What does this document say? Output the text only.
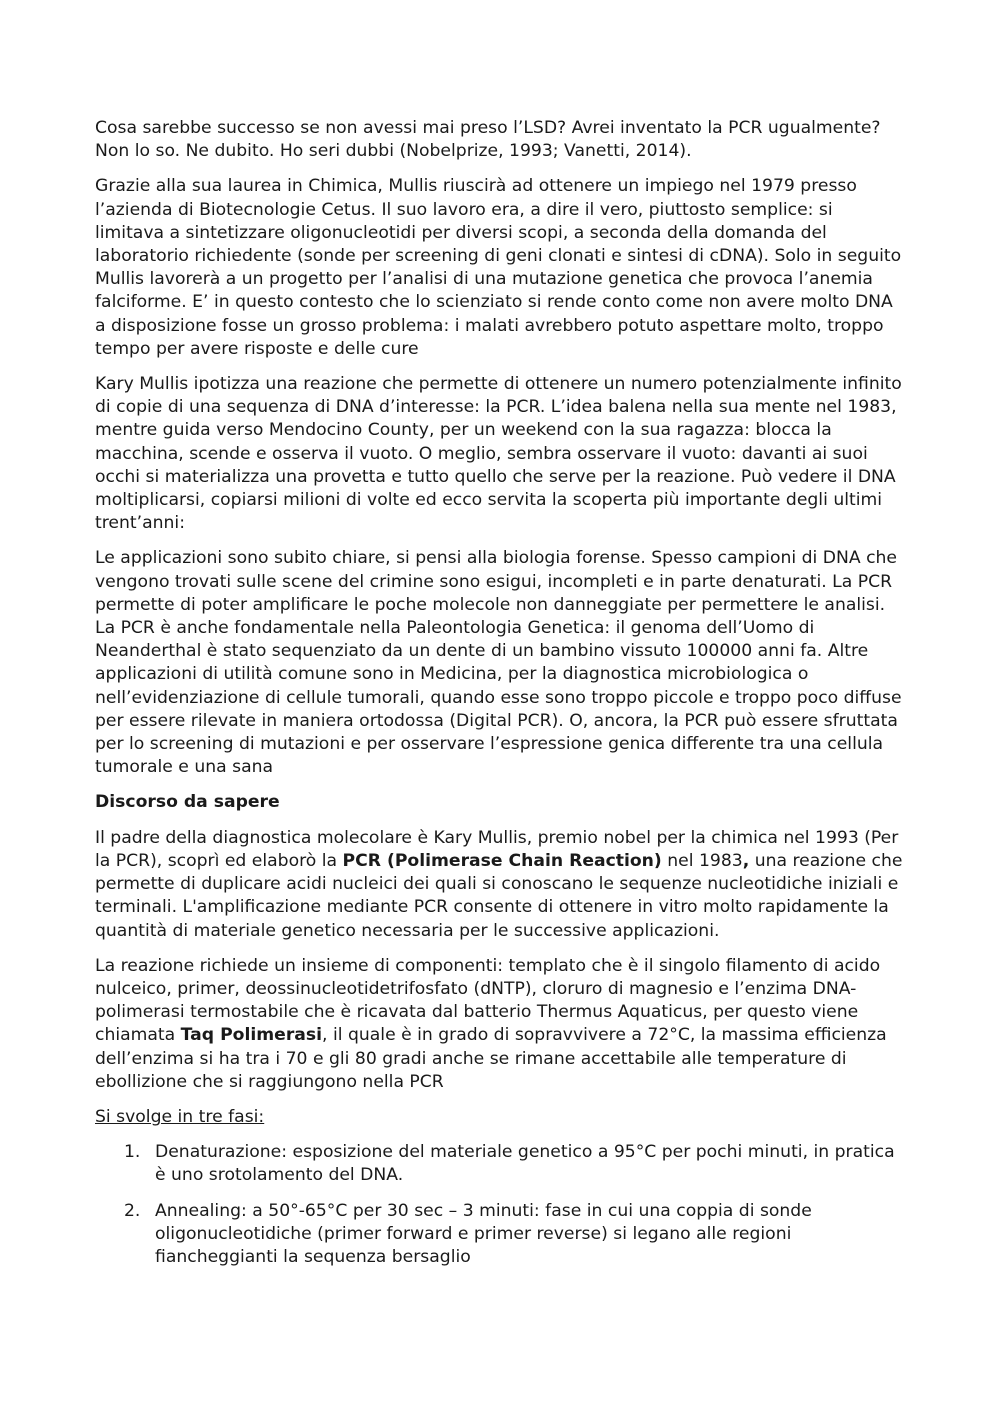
Cosa sarebbe successo se non avessi mai preso l’LSD? Avrei inventato la PCR ugualmente? Non lo so. Ne dubito. Ho seri dubbi (Nobelprize, 1993; Vanetti, 2014).

Grazie alla sua laurea in Chimica, Mullis riuscirà ad ottenere un impiego nel 1979 presso l’azienda di Biotecnologie Cetus. Il suo lavoro era, a dire il vero, piuttosto semplice: si limitava a sintetizzare oligonucleotidi per diversi scopi, a seconda della domanda del laboratorio richiedente (sonde per screening di geni clonati e sintesi di cDNA). Solo in seguito Mullis lavorerà a un progetto per l’analisi di una mutazione genetica che provoca l’anemia falciforme. E’ in questo contesto che lo scienziato si rende conto come non avere molto DNA a disposizione fosse un grosso problema: i malati avrebbero potuto aspettare molto, troppo tempo per avere risposte e delle cure

Kary Mullis ipotizza una reazione che permette di ottenere un numero potenzialmente infinito di copie di una sequenza di DNA d’interesse: la PCR. L’idea balena nella sua mente nel 1983, mentre guida verso Mendocino County, per un weekend con la sua ragazza: blocca la macchina, scende e osserva il vuoto. O meglio, sembra osservare il vuoto: davanti ai suoi occhi si materializza una provetta e tutto quello che serve per la reazione. Può vedere il DNA moltiplicarsi, copiarsi milioni di volte ed ecco servita la scoperta più importante degli ultimi trent’anni:

Le applicazioni sono subito chiare, si pensi alla biologia forense. Spesso campioni di DNA che vengono trovati sulle scene del crimine sono esigui, incompleti e in parte denaturati. La PCR permette di poter amplificare le poche molecole non danneggiate per permettere le analisi. La PCR è anche fondamentale nella Paleontologia Genetica: il genoma dell’Uomo di Neanderthal è stato sequenziato da un dente di un bambino vissuto 100000 anni fa. Altre applicazioni di utilità comune sono in Medicina, per la diagnostica microbiologica o nell’evidenziazione di cellule tumorali, quando esse sono troppo piccole e troppo poco diffuse per essere rilevate in maniera ortodossa (Digital PCR). O, ancora, la PCR può essere sfruttata per lo screening di mutazioni e per osservare l’espressione genica differente tra una cellula tumorale e una sana

Discorso da sapere

Il padre della diagnostica molecolare è Kary Mullis, premio nobel per la chimica nel 1993 (Per la PCR), scoprì ed elaborò la PCR (Polimerase Chain Reaction) nel 1983, una reazione che permette di duplicare acidi nucleici dei quali si conoscano le sequenze nucleotidiche iniziali e terminali. L'amplificazione mediante PCR consente di ottenere in vitro molto rapidamente la quantità di materiale genetico necessaria per le successive applicazioni.

La reazione richiede un insieme di componenti: templato che è il singolo filamento di acido nulceico, primer, deossinucleotidetrifosfato (dNTP), cloruro di magnesio e l’enzima DNA-polimerasi termostabile che è ricavata dal batterio Thermus Aquaticus, per questo viene chiamata Taq Polimerasi, il quale è in grado di sopravvivere a 72°C, la massima efficienza dell’enzima si ha tra i 70 e gli 80 gradi anche se rimane accettabile alle temperature di ebollizione che si raggiungono nella PCR

Si svolge in tre fasi:
1. Denaturazione: esposizione del materiale genetico a 95°C per pochi minuti, in pratica è uno srotolamento del DNA.
2. Annealing: a 50°-65°C per 30 sec – 3 minuti: fase in cui una coppia di sonde oligonucleotidiche (primer forward e primer reverse) si legano alle regioni fiancheggianti la sequenza bersaglio
